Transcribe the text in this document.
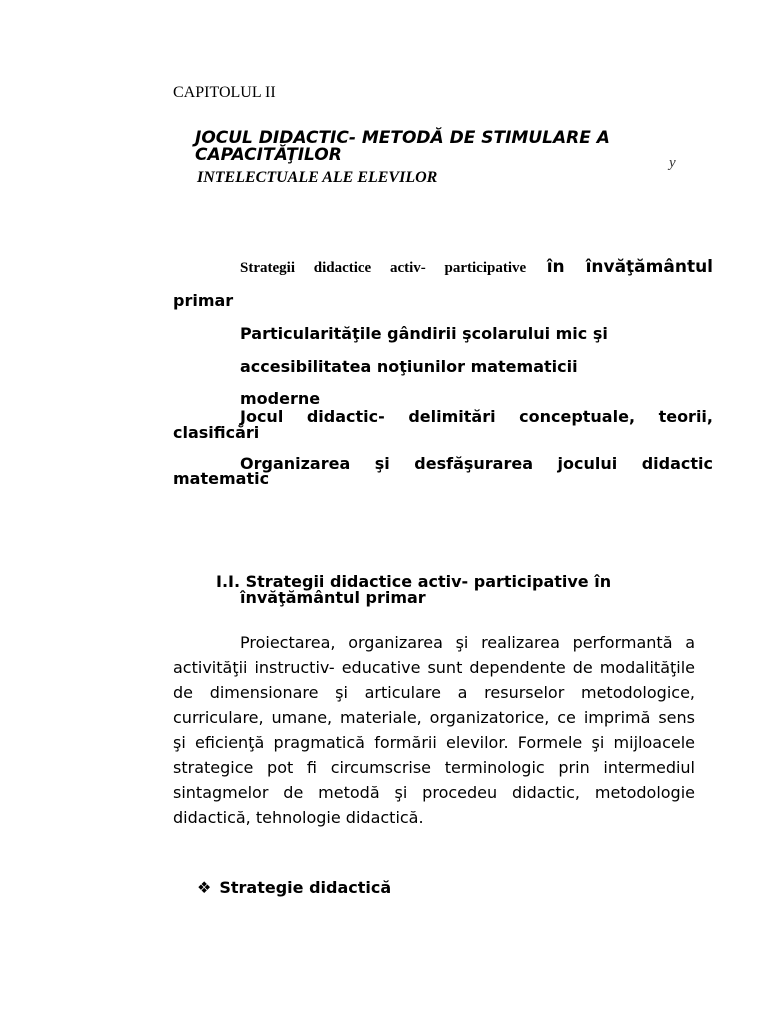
CAPITOLUL II
JOCUL DIDACTIC- METODĂ DE STIMULARE A
CAPACITĂŢILOR
INTELECTUALE ALE ELEVILOR
y
Strategii didactice activ- participative în învăţământul
primar
Particularităţile gândirii şcolarului mic şi
accesibilitatea noţiunilor matematicii
moderne
Jocul didactic- delimitări conceptuale, teorii,
clasificări
Organizarea şi desfăşurarea jocului didactic
matematic
I.I. Strategii didactice activ- participative în
învăţământul primar
Proiectarea, organizarea şi realizarea performantă a activităţii instructiv- educative sunt dependente de modalităţile de dimensionare şi articulare a resurselor metodologice, curriculare, umane, materiale, organizatorice, ce imprimă sens şi eficienţă pragmatică formării elevilor. Formele şi mijloacele strategice pot fi circumscrise terminologic prin intermediul sintagmelor de metodă şi procedeu didactic, metodologie didactică, tehnologie didactică.
❖ Strategie didactică
